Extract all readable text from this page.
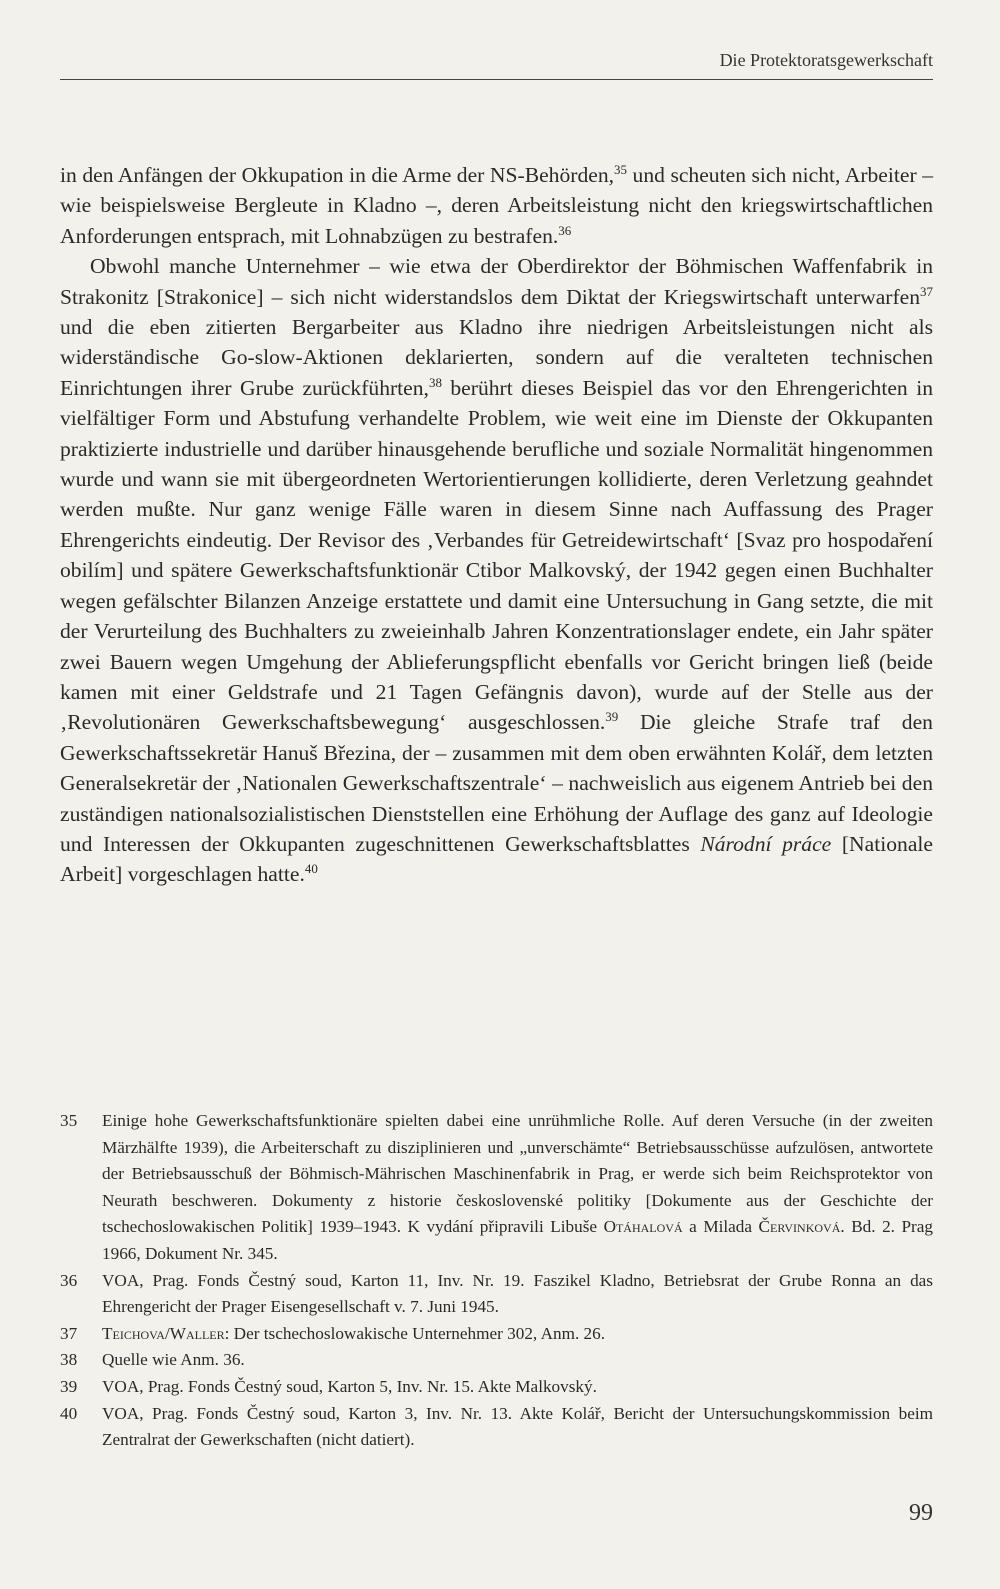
Die Protektoratsgewerkschaft

in den Anfängen der Okkupation in die Arme der NS-Behörden,$^{35}$ und scheuten sich nicht, Arbeiter – wie beispielsweise Bergleute in Kladno –, deren Arbeitsleistung nicht den kriegswirtschaftlichen Anforderungen entsprach, mit Lohnabzügen zu bestrafen.$^{36}$

Obwohl manche Unternehmer – wie etwa der Oberdirektor der Böhmischen Waffenfabrik in Strakonitz [Strakonice] – sich nicht widerstandslos dem Diktat der Kriegswirtschaft unterwarfen$^{37}$ und die eben zitierten Bergarbeiter aus Kladno ihre niedrigen Arbeitsleistungen nicht als widerständische Go-slow-Aktionen deklarierten, sondern auf die veralteten technischen Einrichtungen ihrer Grube zurückführten,$^{38}$ berührt dieses Beispiel das vor den Ehrengerichten in vielfältiger Form und Abstufung verhandelte Problem, wie weit eine im Dienste der Okkupanten praktizierte industrielle und darüber hinausgehende berufliche und soziale Normalität hingenommen wurde und wann sie mit übergeordneten Wertorientierungen kollidierte, deren Verletzung geahndet werden mußte. Nur ganz wenige Fälle waren in diesem Sinne nach Auffassung des Prager Ehrengerichts eindeutig. Der Revisor des ‚Verbandes für Getreidewirtschaft‘ [Svaz pro hospodaření obilím] und spätere Gewerkschaftsfunktionär Ctibor Malkovský, der 1942 gegen einen Buchhalter wegen gefälschter Bilanzen Anzeige erstattete und damit eine Untersuchung in Gang setzte, die mit der Verurteilung des Buchhalters zu zweieinhalb Jahren Konzentrationslager endete, ein Jahr später zwei Bauern wegen Umgehung der Ablieferungspflicht ebenfalls vor Gericht bringen ließ (beide kamen mit einer Geldstrafe und 21 Tagen Gefängnis davon), wurde auf der Stelle aus der ‚Revolutionären Gewerkschaftsbewegung‘ ausgeschlossen.$^{39}$ Die gleiche Strafe traf den Gewerkschaftssekretär Hanuš Březina, der – zusammen mit dem oben erwähnten Kolář, dem letzten Generalsekretär der ‚Nationalen Gewerkschaftszentrale‘ – nachweislich aus eigenem Antrieb bei den zuständigen nationalsozialistischen Dienststellen eine Erhöhung der Auflage des ganz auf Ideologie und Interessen der Okkupanten zugeschnittenen Gewerkschaftsblattes Národní práce [Nationale Arbeit] vorgeschlagen hatte.$^{40}$

35	Einige hohe Gewerkschaftsfunktionäre spielten dabei eine unrühmliche Rolle. Auf deren Versuche (in der zweiten Märzhälfte 1939), die Arbeiterschaft zu disziplinieren und „unverschämte“ Betriebsausschüsse aufzulösen, antwortete der Betriebsausschuß der Böhmisch-Mährischen Maschinenfabrik in Prag, er werde sich beim Reichsprotektor von Neurath beschweren. Dokumenty z historie československé politiky [Dokumente aus der Geschichte der tschechoslowakischen Politik] 1939–1943. K vydání připravili Libuše Otáhalová a Milada Červinková. Bd. 2. Prag 1966, Dokument Nr. 345.
36	VOA, Prag. Fonds Čestný soud, Karton 11, Inv. Nr. 19. Faszikel Kladno, Betriebsrat der Grube Ronna an das Ehrengericht der Prager Eisengesellschaft v. 7. Juni 1945.
37	Teichova/Waller: Der tschechoslowakische Unternehmer 302, Anm. 26.
38	Quelle wie Anm. 36.
39	VOA, Prag. Fonds Čestný soud, Karton 5, Inv. Nr. 15. Akte Malkovský.
40	VOA, Prag. Fonds Čestný soud, Karton 3, Inv. Nr. 13. Akte Kolář, Bericht der Untersuchungskommission beim Zentralrat der Gewerkschaften (nicht datiert).
99
